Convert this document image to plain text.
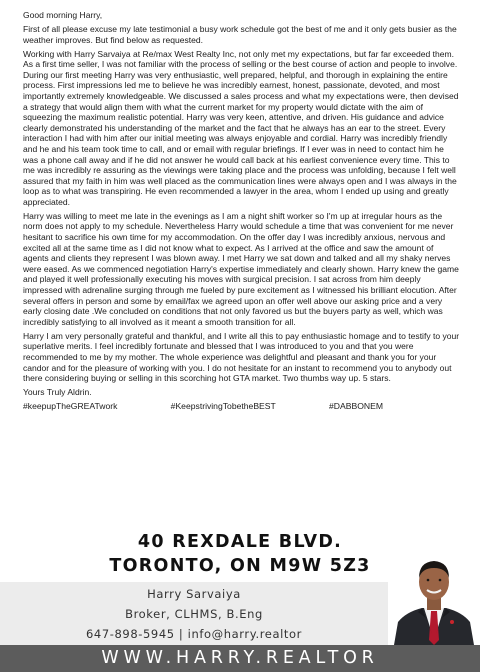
Good morning Harry,

First of all please excuse my late testimonial a busy work schedule got the best of me and it only gets busier as the weather improves. But find below as requested.

Working with Harry Sarvaiya at Re/max West Realty Inc, not only met my expectations, but far far exceeded them. As a first time seller, I was not familiar with the process of selling or the best course of action and people to involve. During our first meeting Harry was very enthusiastic, well prepared, helpful, and thorough in explaining the entire process. First impressions led me to believe he was incredibly earnest, honest, passionate, devoted, and most importantly extremely knowledgeable. We discussed a sales process and what my expectations were, then devised a strategy that would align them with what the current market for my property would dictate with the aim of squeezing the maximum realistic potential. Harry was very keen, attentive, and driven. His guidance and advice clearly demonstrated his understanding of the market and the fact that he always has an ear to the street. Every interaction I had with him after our initial meeting was always enjoyable and cordial. Harry was incredibly friendly and he and his team took time to call, and or email with regular briefings. If I ever was in need to contact him he was a phone call away and if he did not answer he would call back at his earliest convenience every time. This to me was incredibly re assuring as the viewings were taking place and the process was unfolding, because I felt well assured that my faith in him was well placed as the communication lines were always open and I was always in the loop as to what was transpiring. He even recommended a lawyer in the area, whom I ended up using and greatly appreciated.

Harry was willing to meet me late in the evenings as I am a night shift worker so I'm up at irregular hours as the norm does not apply to my schedule. Nevertheless Harry would schedule a time that was convenient for me never hesitant to sacrifice his own time for my accommodation. On the offer day I was incredibly anxious, nervous and excited all at the same time as I did not know what to expect. As I arrived at the office and saw the amount of agents and clients they represent I was blown away. I met Harry we sat down and talked and all my shaky nerves were eased. As we commenced negotiation Harry's expertise immediately and clearly shown. Harry knew the game and played it well professionally executing his moves with surgical precision. I sat across from him deeply impressed with adrenaline surging through me fueled by pure excitement as I witnessed his brilliant elocution. After several offers in person and some by email/fax we agreed upon an offer well above our asking price and a very early closing date .We concluded on conditions that not only favored us but the buyers party as well, which was incredibly satisfying to all involved as it meant a smooth transition for all.

Harry I am very personally grateful and thankful, and I write all this to pay enthusiastic homage and to testify to your superlative merits. I feel incredibly fortunate and blessed that I was introduced to you and that you were recommended to me by my mother. The whole experience was delightful and pleasant and thank you for your candor and for the pleasure of working with you. I do not hesitate for an instant to recommend you to anybody out there considering buying or selling in this scorching hot GTA market. Two thumbs way up. 5 stars.

Yours Truly Aldrin.

#keepupTheGREATwork	#KeepstrivingTobetheBEST	#DABBONEM
40 REXDALE BLVD.
TORONTO, ON M9W 5Z3
Harry Sarvaiya
Broker, CLHMS, B.Eng
647-898-5945 | info@harry.realtor
WWW.HARRY.REALTOR
